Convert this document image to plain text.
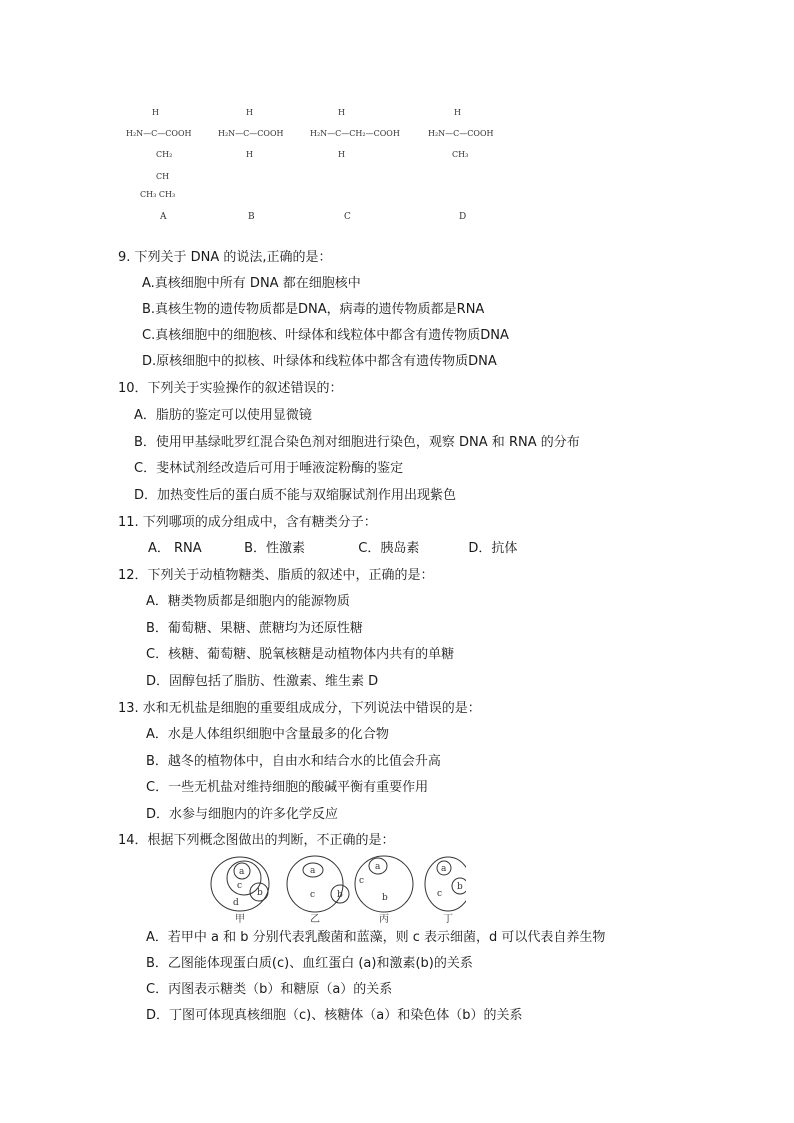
H
H₂N—C—COOH
CH₂
CH
CH₃ CH₃
A
H
H₂N—C—COOH
H
B
H
H₂N—C—CH₂—COOH
H
C
H
H₂N—C—COOH
CH₃
D
9. 下列关于 DNA 的说法,正确的是：
A.真核细胞中所有 DNA 都在细胞核中
B.真核生物的遗传物质都是DNA，病毒的遗传物质都是RNA
C.真核细胞中的细胞核、叶绿体和线粒体中都含有遗传物质DNA
D.原核细胞中的拟核、叶绿体和线粒体中都含有遗传物质DNA
10．下列关于实验操作的叙述错误的：
A．脂肪的鉴定可以使用显微镜
B．使用甲基绿吡罗红混合染色剂对细胞进行染色，观察 DNA 和 RNA 的分布
C．斐林试剂经改造后可用于唾液淀粉酶的鉴定
D．加热变性后的蛋白质不能与双缩脲试剂作用出现紫色
11. 下列哪项的成分组成中，含有糖类分子：
A． RNA	B．性激素	C．胰岛素	D．抗体
12．下列关于动植物糖类、脂质的叙述中，正确的是：
A．糖类物质都是细胞内的能源物质
B．葡萄糖、果糖、蔗糖均为还原性糖
C．核糖、葡萄糖、脱氧核糖是动植物体内共有的单糖
D．固醇包括了脂肪、性激素、维生素 D
13. 水和无机盐是细胞的重要组成成分，下列说法中错误的是：
A．水是人体组织细胞中含量最多的化合物
B．越冬的植物体中，自由水和结合水的比值会升高
C．一些无机盐对维持细胞的酸碱平衡有重要作用
D．水参与细胞内的许多化学反应
14．根据下列概念图做出的判断，不正确的是：
a
c
b
d
a
c b
a
c
b
a
b
c
甲	乙	丙	丁
A．若甲中 a 和 b 分别代表乳酸菌和蓝藻，则 c 表示细菌，d 可以代表自养生物
B．乙图能体现蛋白质(c)、血红蛋白 (a)和激素(b)的关系
C．丙图表示糖类（b）和糖原（a）的关系
D．丁图可体现真核细胞（c)、核糖体（a）和染色体（b）的关系
